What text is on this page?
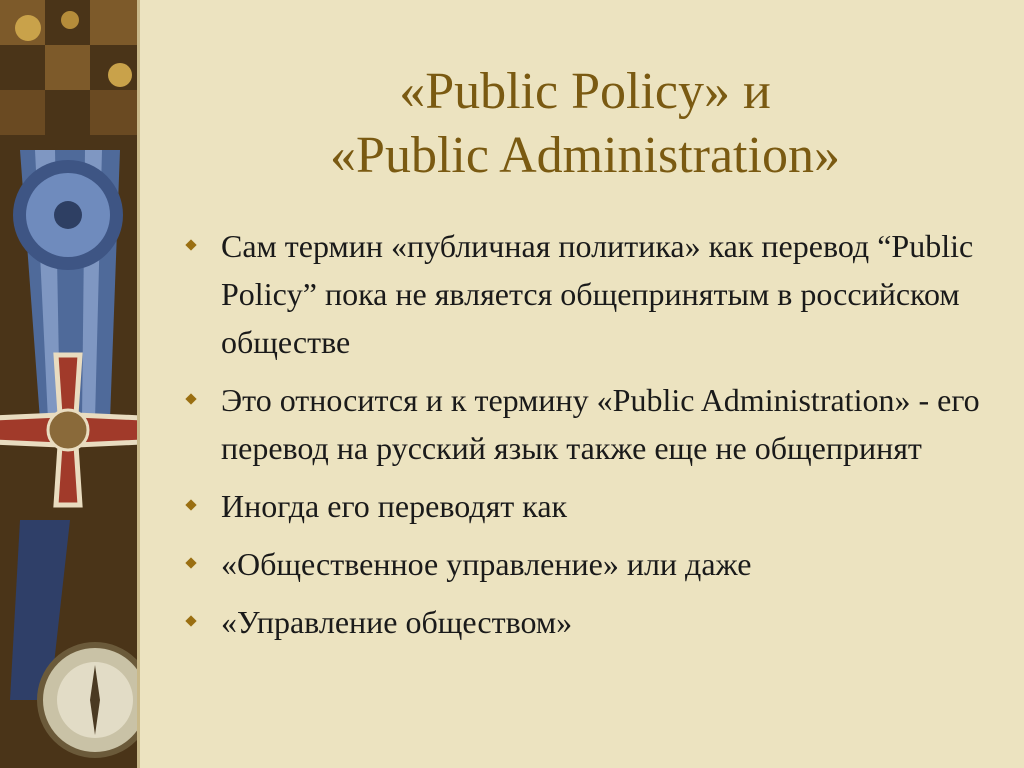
«Public Policy» и
«Public Administration»
Сам термин «публичная политика» как перевод “Public Policy” пока не является общепринятым в российском обществе
Это относится и к термину «Public Administration» - его перевод на русский язык также еще не общепринят
Иногда его переводят как
«Общественное управление» или даже
«Управление обществом»
